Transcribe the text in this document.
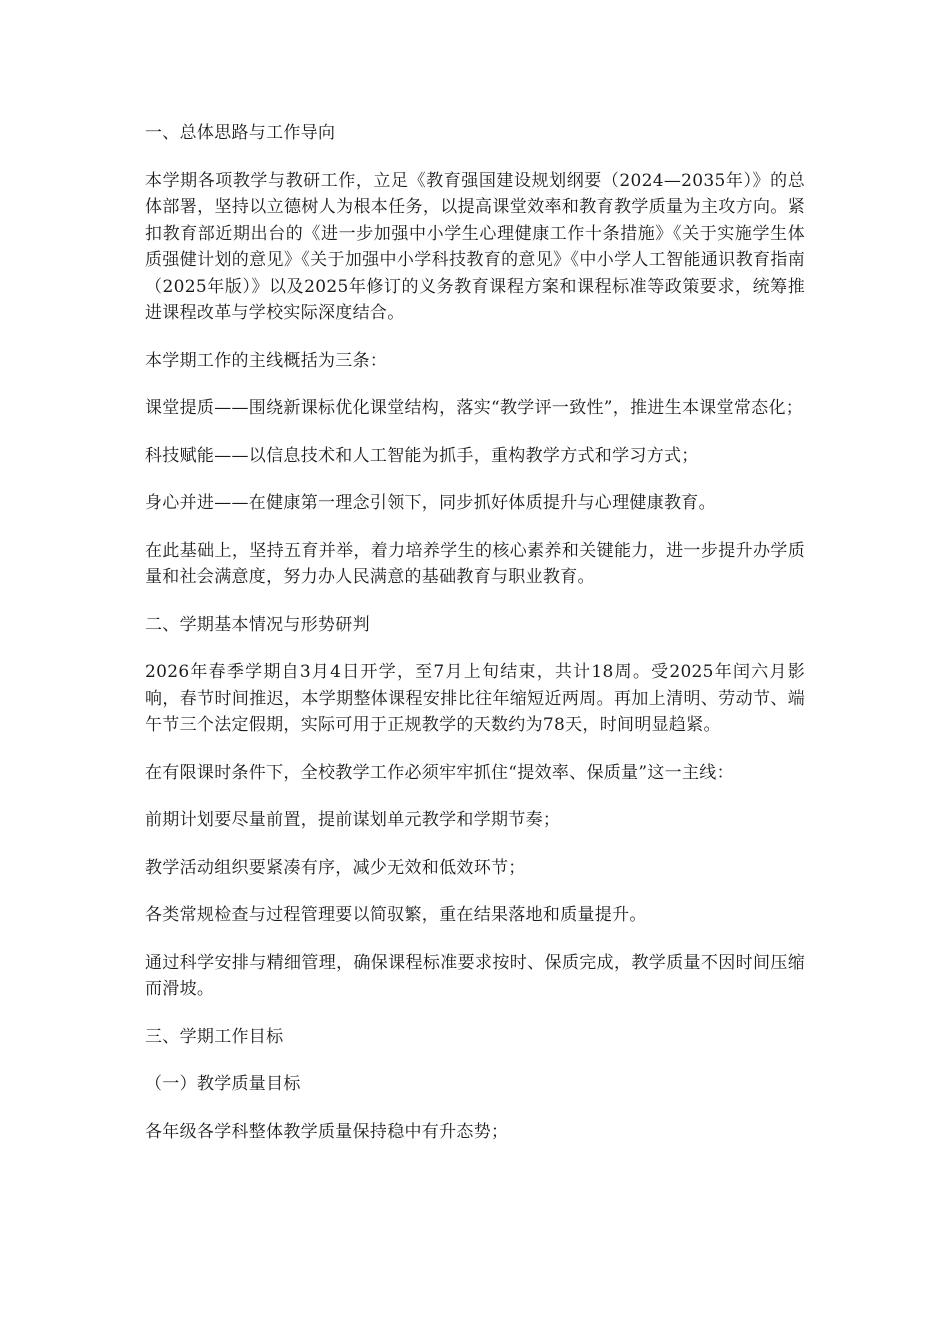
一、总体思路与工作导向

本学期各项教学与教研工作，立足《教育强国建设规划纲要（2024—2035年）》的总体部署，坚持以立德树人为根本任务，以提高课堂效率和教育教学质量为主攻方向。紧扣教育部近期出台的《进一步加强中小学生心理健康工作十条措施》《关于实施学生体质强健计划的意见》《关于加强中小学科技教育的意见》《中小学人工智能通识教育指南（2025年版）》以及2025年修订的义务教育课程方案和课程标准等政策要求，统筹推进课程改革与学校实际深度结合。

本学期工作的主线概括为三条：

课堂提质——围绕新课标优化课堂结构，落实“教学评一致性”，推进生本课堂常态化；

科技赋能——以信息技术和人工智能为抓手，重构教学方式和学习方式；

身心并进——在健康第一理念引领下，同步抓好体质提升与心理健康教育。

在此基础上，坚持五育并举，着力培养学生的核心素养和关键能力，进一步提升办学质量和社会满意度，努力办人民满意的基础教育与职业教育。

二、学期基本情况与形势研判

2026年春季学期自3月4日开学，至7月上旬结束，共计18周。受2025年闰六月影响，春节时间推迟，本学期整体课程安排比往年缩短近两周。再加上清明、劳动节、端午节三个法定假期，实际可用于正规教学的天数约为78天，时间明显趋紧。

在有限课时条件下，全校教学工作必须牢牢抓住“提效率、保质量”这一主线：

前期计划要尽量前置，提前谋划单元教学和学期节奏；

教学活动组织要紧凑有序，减少无效和低效环节；

各类常规检查与过程管理要以简驭繁，重在结果落地和质量提升。

通过科学安排与精细管理，确保课程标准要求按时、保质完成，教学质量不因时间压缩而滑坡。

三、学期工作目标

（一）教学质量目标

各年级各学科整体教学质量保持稳中有升态势；
